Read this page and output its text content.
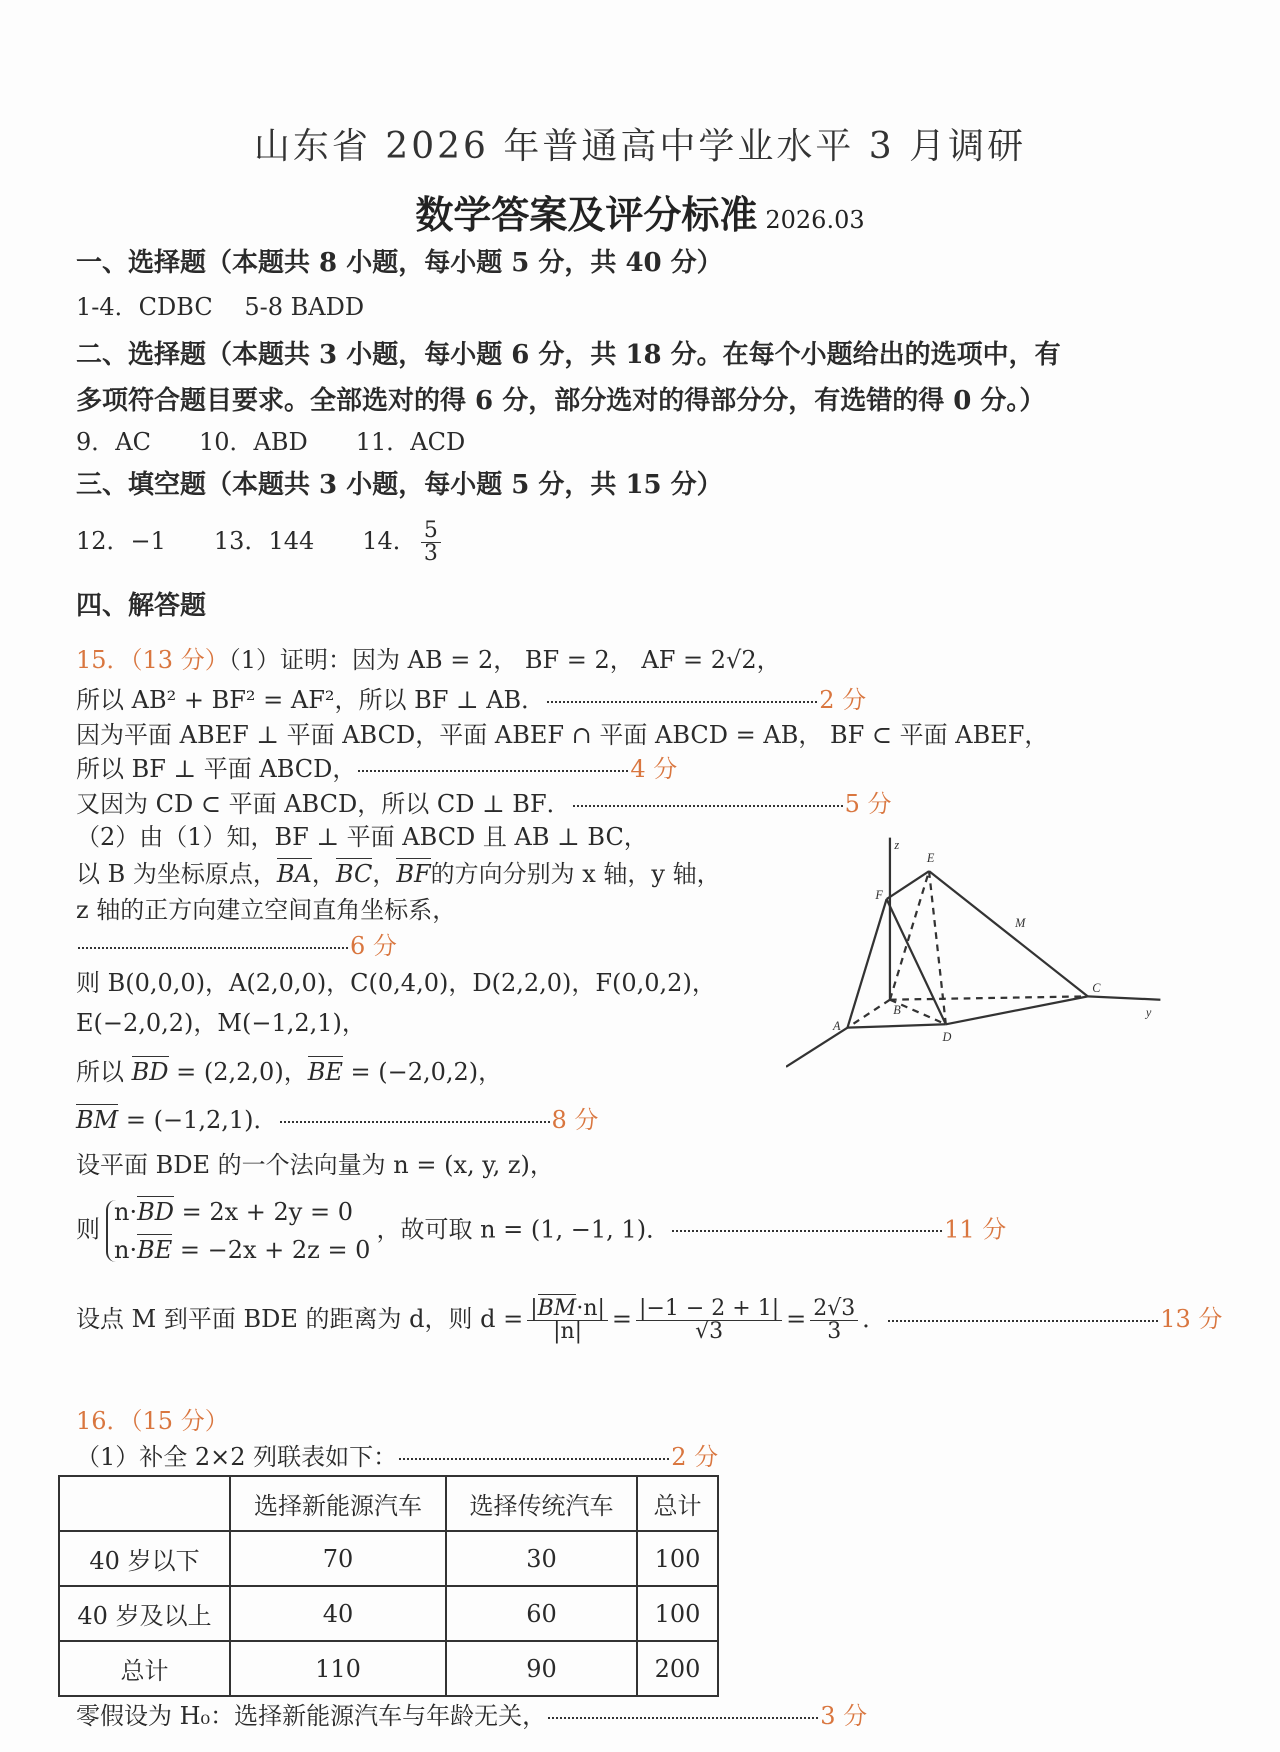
山东省 2026 年普通高中学业水平 3 月调研
数学答案及评分标准 2026.03
一、选择题（本题共 8 小题，每小题 5 分，共 40 分）
1-4．CDBC　 5-8 BADD
二、选择题（本题共 3 小题，每小题 6 分，共 18 分。在每个小题给出的选项中，有
多项符合题目要求。全部选对的得 6 分，部分选对的得部分分，有选错的得 0 分。）
9．AC　　10．ABD　　11．ACD
三、填空题（本题共 3 小题，每小题 5 分，共 15 分）
12．−1　　13．144　　14． $\frac{5}{3}$
四、解答题
15．（13 分）（1）证明：因为 AB = 2， BF = 2， AF = 2√2，
所以 AB² + BF² = AF²，所以 BF ⊥ AB．	2 分
因为平面 ABEF ⊥ 平面 ABCD，平面 ABEF ∩ 平面 ABCD = AB， BF ⊂ 平面 ABEF，
所以 BF ⊥ 平面 ABCD，	4 分
又因为 CD ⊂ 平面 ABCD，所以 CD ⊥ BF．	5 分
（2）由（1）知，BF ⊥ 平面 ABCD 且 AB ⊥ BC，
以 B 为坐标原点，BA，BC，BF的方向分别为 x 轴，y 轴，
z 轴的正方向建立空间直角坐标系，
6 分
则 B(0,0,0)，A(2,0,0)，C(0,4,0)，D(2,2,0)，F(0,0,2)，
E(−2,0,2)，M(−1,2,1)，
所以 BD = (2,2,0)，BE = (−2,0,2)，
BM = (−1,2,1)．	8 分
设平面 BDE 的一个法向量为 n = (x, y, z)，
则
n·BD = 2x + 2y = 0
n·BE = −2x + 2z = 0
，故可取 n = (1, −1, 1)．	11 分
设点 M 到平面 BDE 的距离为 d，则 $d = \frac{|BM\cdot n|}{|n|} = \frac{|-1 - 2 + 1|}{√3} = \frac{2√3}{3}$ ．	13 分
z
E
F
M
C
y
A
B
D
16．（15 分）
（1）补全 2×2 列联表如下：	2 分
	选择新能源汽车	选择传统汽车	总计
40 岁以下	70	30	100
40 岁及以上	40	60	100
总计	110	90	200
零假设为 H₀：选择新能源汽车与年龄无关，	3 分
